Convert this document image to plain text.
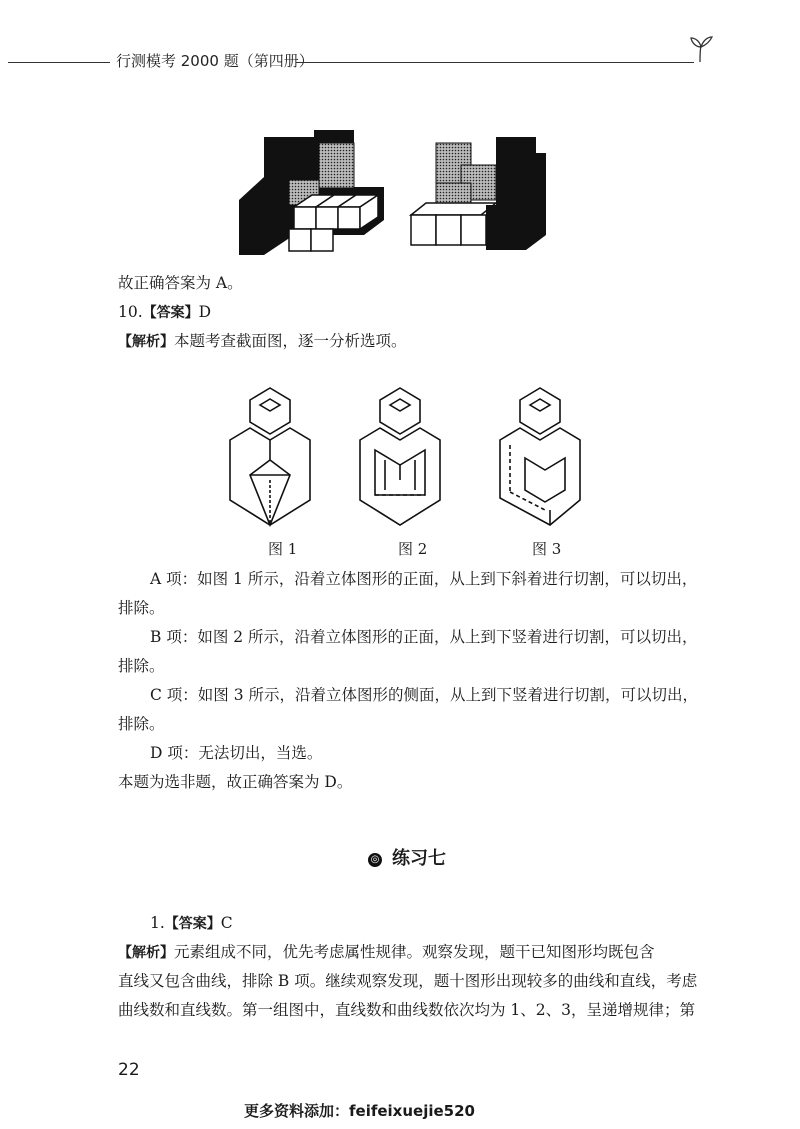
行测模考 2000 题（第四册）
故正确答案为 A。
10.【答案】D
【解析】本题考查截面图，逐一分析选项。
图 1	图 2	图 3
A 项：如图 1 所示，沿着立体图形的正面，从上到下斜着进行切割，可以切出，
排除。
B 项：如图 2 所示，沿着立体图形的正面，从上到下竖着进行切割，可以切出，
排除。
C 项：如图 3 所示，沿着立体图形的侧面，从上到下竖着进行切割，可以切出，
排除。
D 项：无法切出，当选。
本题为选非题，故正确答案为 D。
◎ 练习七
1.【答案】C
【解析】元素组成不同，优先考虑属性规律。观察发现，题干已知图形均既包含
直线又包含曲线，排除 B 项。继续观察发现，题十图形出现较多的曲线和直线，考虑
曲线数和直线数。第一组图中，直线数和曲线数依次均为 1、2、3，呈递增规律；第
22
更多资料添加：feifeixuejie520
